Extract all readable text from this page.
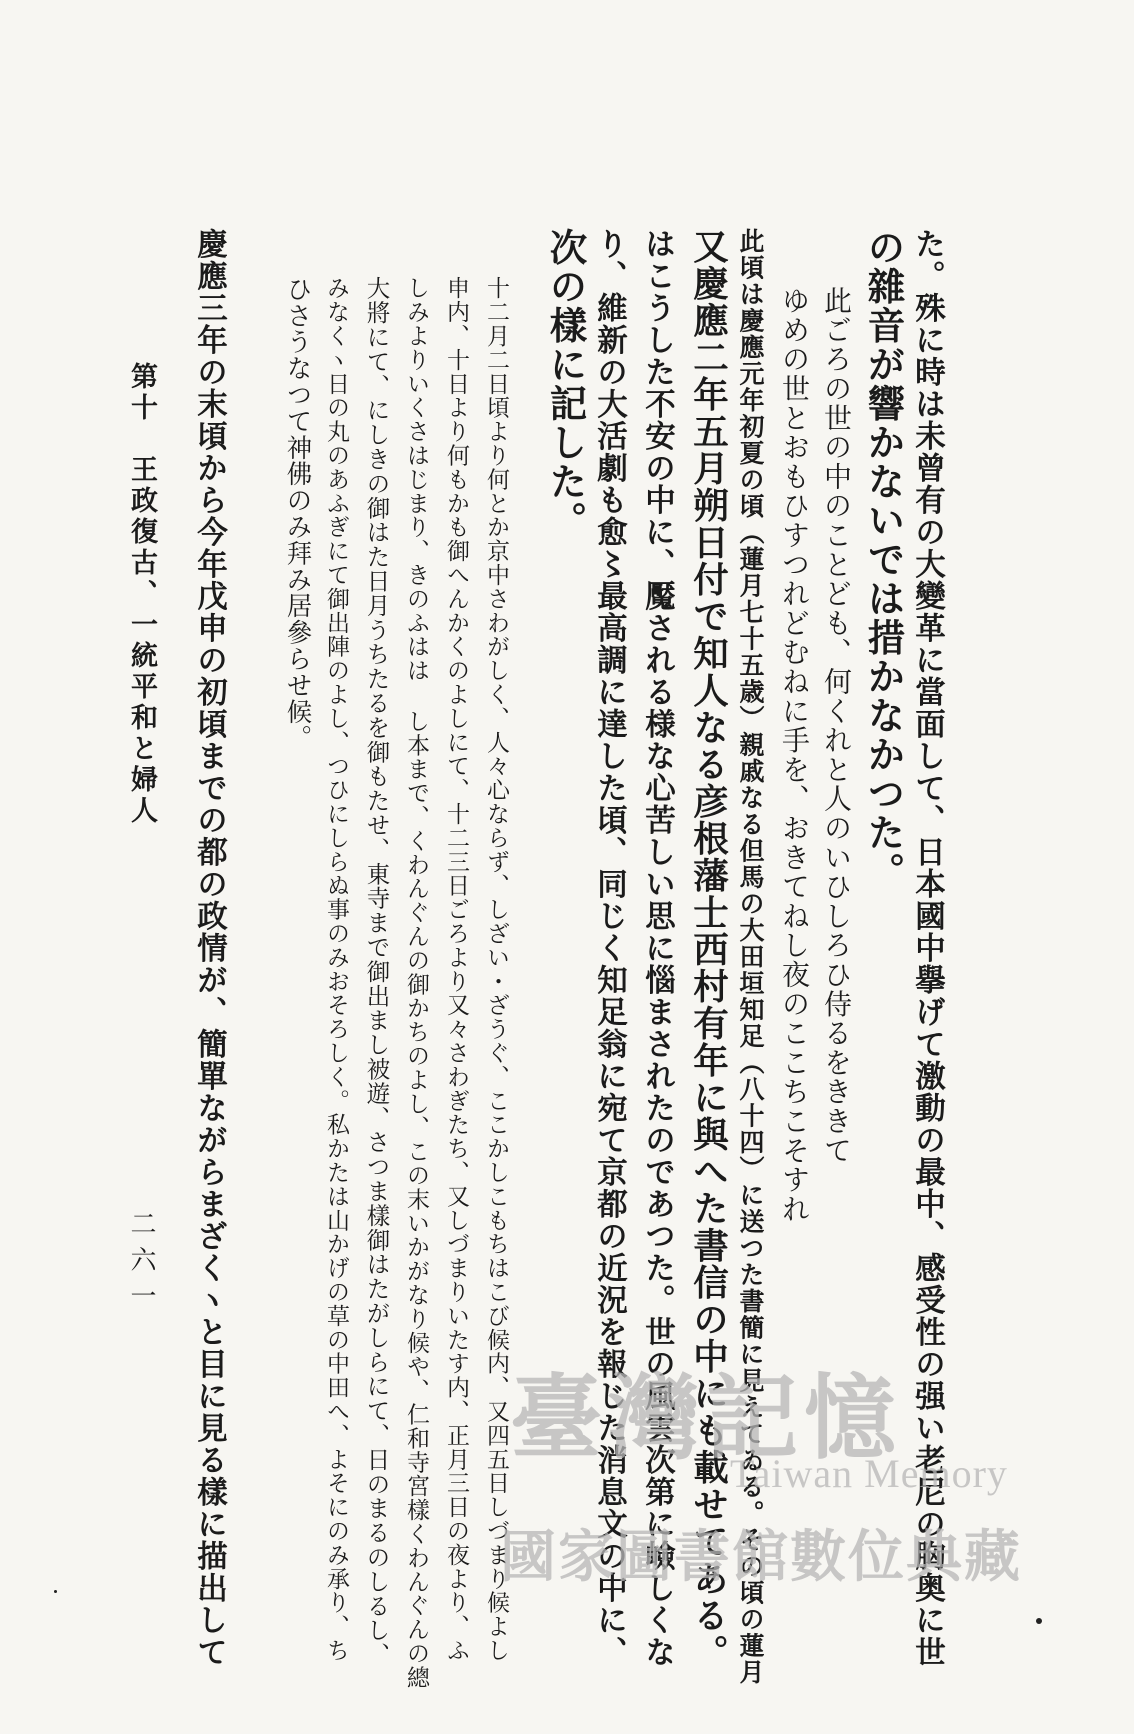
た。殊に時は未曾有の大變革に當面して、日本國中擧げて激動の最中、感受性の强い老尼の胸奥に世
の雜音が響かないでは措かなかつた。
此ごろの世の中のことども、何くれと人のいひしろひ侍るをききて
ゆめの世とおもひすつれどむねに手を、おきてねし夜のここちこそすれ
此頃は慶應元年初夏の頃（蓮月七十五歳）親戚なる但馬の大田垣知足（八十四）に送つた書簡に見えてゐる。その頃の蓮月
又慶應二年五月朔日付で知人なる彦根藩士西村有年に與へた書信の中にも載せてある。
はこうした不安の中に、魘される様な心苦しい思に惱まされたのであつた。世の風雲次第に嶮しくな
り、維新の大活劇も愈〻最高調に達した頃、同じく知足翁に宛て京都の近況を報じた消息文の中に、
次の樣に記した。
十二月二日頃より何とか京中さわがしく、人々心ならず、しざい・ざうぐ、ここかしこもちはこび候内、又四五日しづまり候よし
申内、十日より何もかも御へんかくのよしにて、十二三日ごろより又々さわぎたち、又しづまりいたす内、正月三日の夜より、ふ
しみよりいくさはじまり、きのふはは し本まで、くわんぐんの御かちのよし、この末いかがなり候や、仁和寺宮樣くわんぐんの總
大將にて、にしきの御はた日月うちたるを御もたせ、東寺まで御出まし被遊、さつま樣御はたがしらにて、日のまるのしるし、
みなくヽ日の丸のあふぎにて御出陣のよし、つひにしらぬ事のみおそろしく。私かたは山かげの草の中田へ、よそにのみ承り、ち
ひさうなつて神佛のみ拜み居參らせ候。
慶應三年の末頃から今年戊申の初頃までの都の政情が、簡單ながらまざくヽと目に見る樣に描出して
第十　王政復古、一統平和と婦人
二六一
臺灣記憶
Taiwan Memory
國家圖書館數位典藏
